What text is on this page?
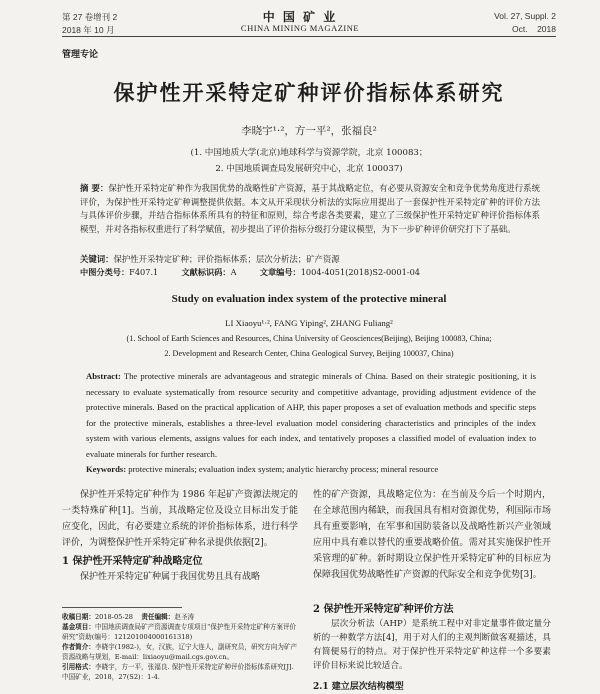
第 27 卷增刊 2
2018 年 10 月
中 国 矿 业
CHINA MINING MAGAZINE
Vol. 27, Suppl. 2
Oct.    2018
管理专论
保护性开采特定矿种评价指标体系研究
李晓宇¹·²，方一平²，张福良²
(1. 中国地质大学(北京)地球科学与资源学院，北京 100083；
2. 中国地质调查局发展研究中心，北京 100037)
摘 要：保护性开采特定矿种作为我国优势的战略性矿产资源，基于其战略定位，有必要从资源安全和竞争优势角度进行系统评价，为保护性开采特定矿种调整提供依据。本文从开采现状分析法的实际应用提出了一套保护性开采特定矿种的评价方法与具体评价步骤，并结合指标体系所具有的特征和原则，综合考虑各类要素，建立了三级保护性开采特定矿种评价指标体系模型，并对各指标权重进行了科学赋值，初步提出了评价指标分级打分建议模型，为下一步矿种评价研究打下了基础。
关键词：保护性开采特定矿种；评价指标体系；层次分析法；矿产资源
中图分类号：F407.1	文献标识码：A	文章编号：1004-4051(2018)S2-0001-04
Study on evaluation index system of the protective mineral
LI Xiaoyu¹·², FANG Yiping², ZHANG Fuliang²
(1. School of Earth Sciences and Resources, China University of Geosciences(Beijing), Beijing 100083, China;
2. Development and Research Center, China Geological Survey, Beijing 100037, China)
Abstract: The protective minerals are advantageous and strategic minerals of China. Based on their strategic positioning, it is necessary to evaluate systematically from resource security and competitive advantage, providing adjustment evidence of the protective minerals. Based on the practical application of AHP, this paper proposes a set of evaluation methods and specific steps for the protective minerals, establishes a three-level evaluation model considering characteristics and principles of the index system with various elements, assigns values for each index, and tentatively proposes a classified model of evaluation index to evaluate minerals for further research.
Keywords: protective minerals; evaluation index system; analytic hierarchy process; mineral resource
保护性开采特定矿种作为 1986 年起矿产资源法规定的一类特殊矿种[1]。当前，其战略定位及设立目标出发于能应变化，因此，有必要建立系统的评价指标体系，进行科学评价，为调整保护性开采特定矿种名录提供依据[2]。
1 保护性开采特定矿种战略定位
保护性开采特定矿种属于我国优势且具有战略
收稿日期：2018-05-28 责任编辑：赵圣涛
基金项目：中国地质调查局矿产资源调查专项项目“保护性开采特定矿种方案评价研究”资助(编号：121201004000161318)
作者简介：李晓宇(1982-)，女，汉族，辽宁大连人，副研究员，研究方向为矿产资源战略与规划，E-mail：lixiaoyu@mail.cgs.gov.cn。
引用格式：李晓宇，方一平，张福良. 保护性开采特定矿种评价指标体系研究[J]. 中国矿业，2018，27(S2)：1-4.
性的矿产资源，具战略定位为：在当前及今后一个时期内，在全球范围内稀缺，而我国具有相对资源优势，利国际市场具有重要影响，在军事和国防装备以及战略性新兴产业领域应用中具有难以替代的重要战略价值。需对其实施保护性开采管理的矿种。新时期设立保护性开采特定矿种的目标应为保障我国优势战略性矿产资源的代际安全和竞争优势[3]。
2 保护性开采特定矿种评价方法
层次分析法（AHP）是系统工程中对非定量事件做定量分析的一种数学方法[4]，用于对人们的主观判断做客观描述，具有简便易行的特点。对于保护性开采特定矿种这样一个多要素评价目标来说比较适合。
2.1 建立层次结构模型
